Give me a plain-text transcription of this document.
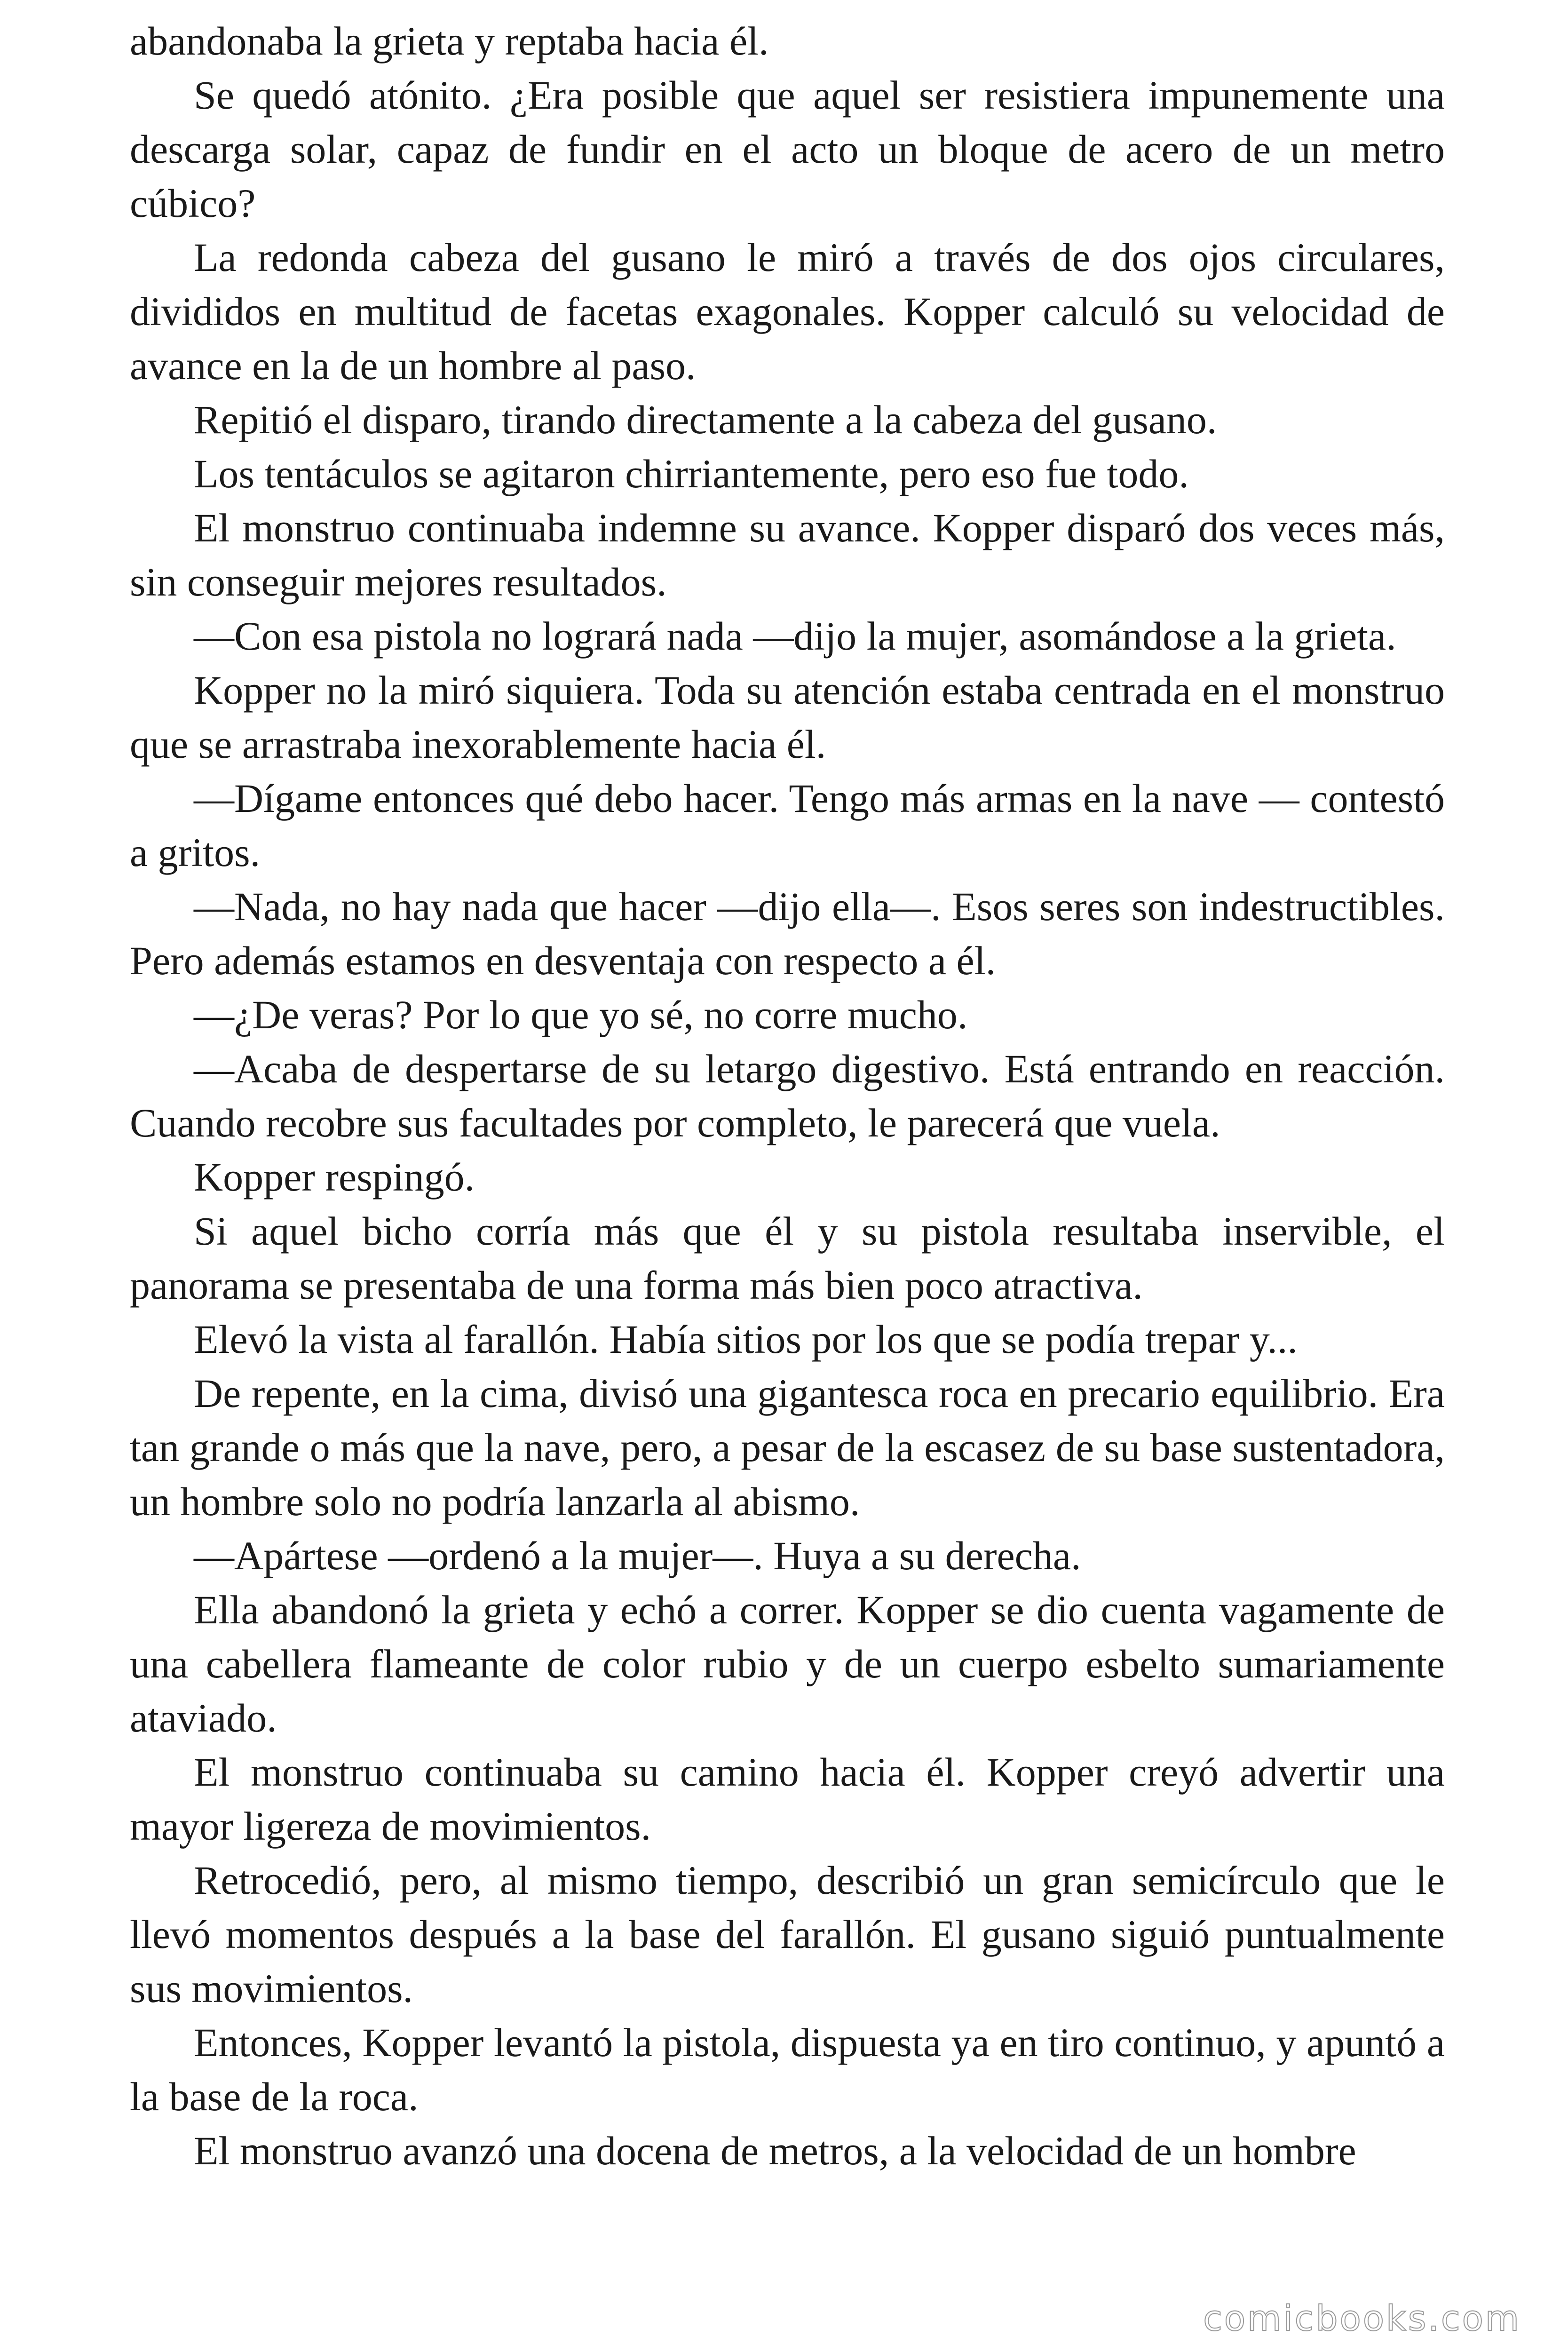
abandonaba la grieta y reptaba hacia él.

Se quedó atónito. ¿Era posible que aquel ser resistiera impunemente una descarga solar, capaz de fundir en el acto un bloque de acero de un metro cúbico?

La redonda cabeza del gusano le miró a través de dos ojos circulares, divididos en multitud de facetas exagonales. Kopper calculó su velocidad de avance en la de un hombre al paso.

Repitió el disparo, tirando directamente a la cabeza del gusano.

Los tentáculos se agitaron chirriantemente, pero eso fue todo.

El monstruo continuaba indemne su avance. Kopper disparó dos veces más, sin conseguir mejores resultados.

—Con esa pistola no logrará nada —dijo la mujer, asomándose a la grieta.

Kopper no la miró siquiera. Toda su atención estaba centrada en el monstruo que se arrastraba inexorablemente hacia él.

—Dígame entonces qué debo hacer. Tengo más armas en la nave — contestó a gritos.

—Nada, no hay nada que hacer —dijo ella—. Esos seres son indestructibles. Pero además estamos en desventaja con respecto a él.

—¿De veras? Por lo que yo sé, no corre mucho.

—Acaba de despertarse de su letargo digestivo. Está entrando en reacción. Cuando recobre sus facultades por completo, le parecerá que vuela.

Kopper respingó.

Si aquel bicho corría más que él y su pistola resultaba inservible, el panorama se presentaba de una forma más bien poco atractiva.

Elevó la vista al farallón. Había sitios por los que se podía trepar y...

De repente, en la cima, divisó una gigantesca roca en precario equilibrio. Era tan grande o más que la nave, pero, a pesar de la escasez de su base sustentadora, un hombre solo no podría lanzarla al abismo.

—Apártese —ordenó a la mujer—. Huya a su derecha.

Ella abandonó la grieta y echó a correr. Kopper se dio cuenta vagamente de una cabellera flameante de color rubio y de un cuerpo esbelto sumariamente ataviado.

El monstruo continuaba su camino hacia él. Kopper creyó advertir una mayor ligereza de movimientos.

Retrocedió, pero, al mismo tiempo, describió un gran semicírculo que le llevó momentos después a la base del farallón. El gusano siguió puntualmente sus movimientos.

Entonces, Kopper levantó la pistola, dispuesta ya en tiro continuo, y apuntó a la base de la roca.

El monstruo avanzó una docena de metros, a la velocidad de un hombre

comicbooks.com
